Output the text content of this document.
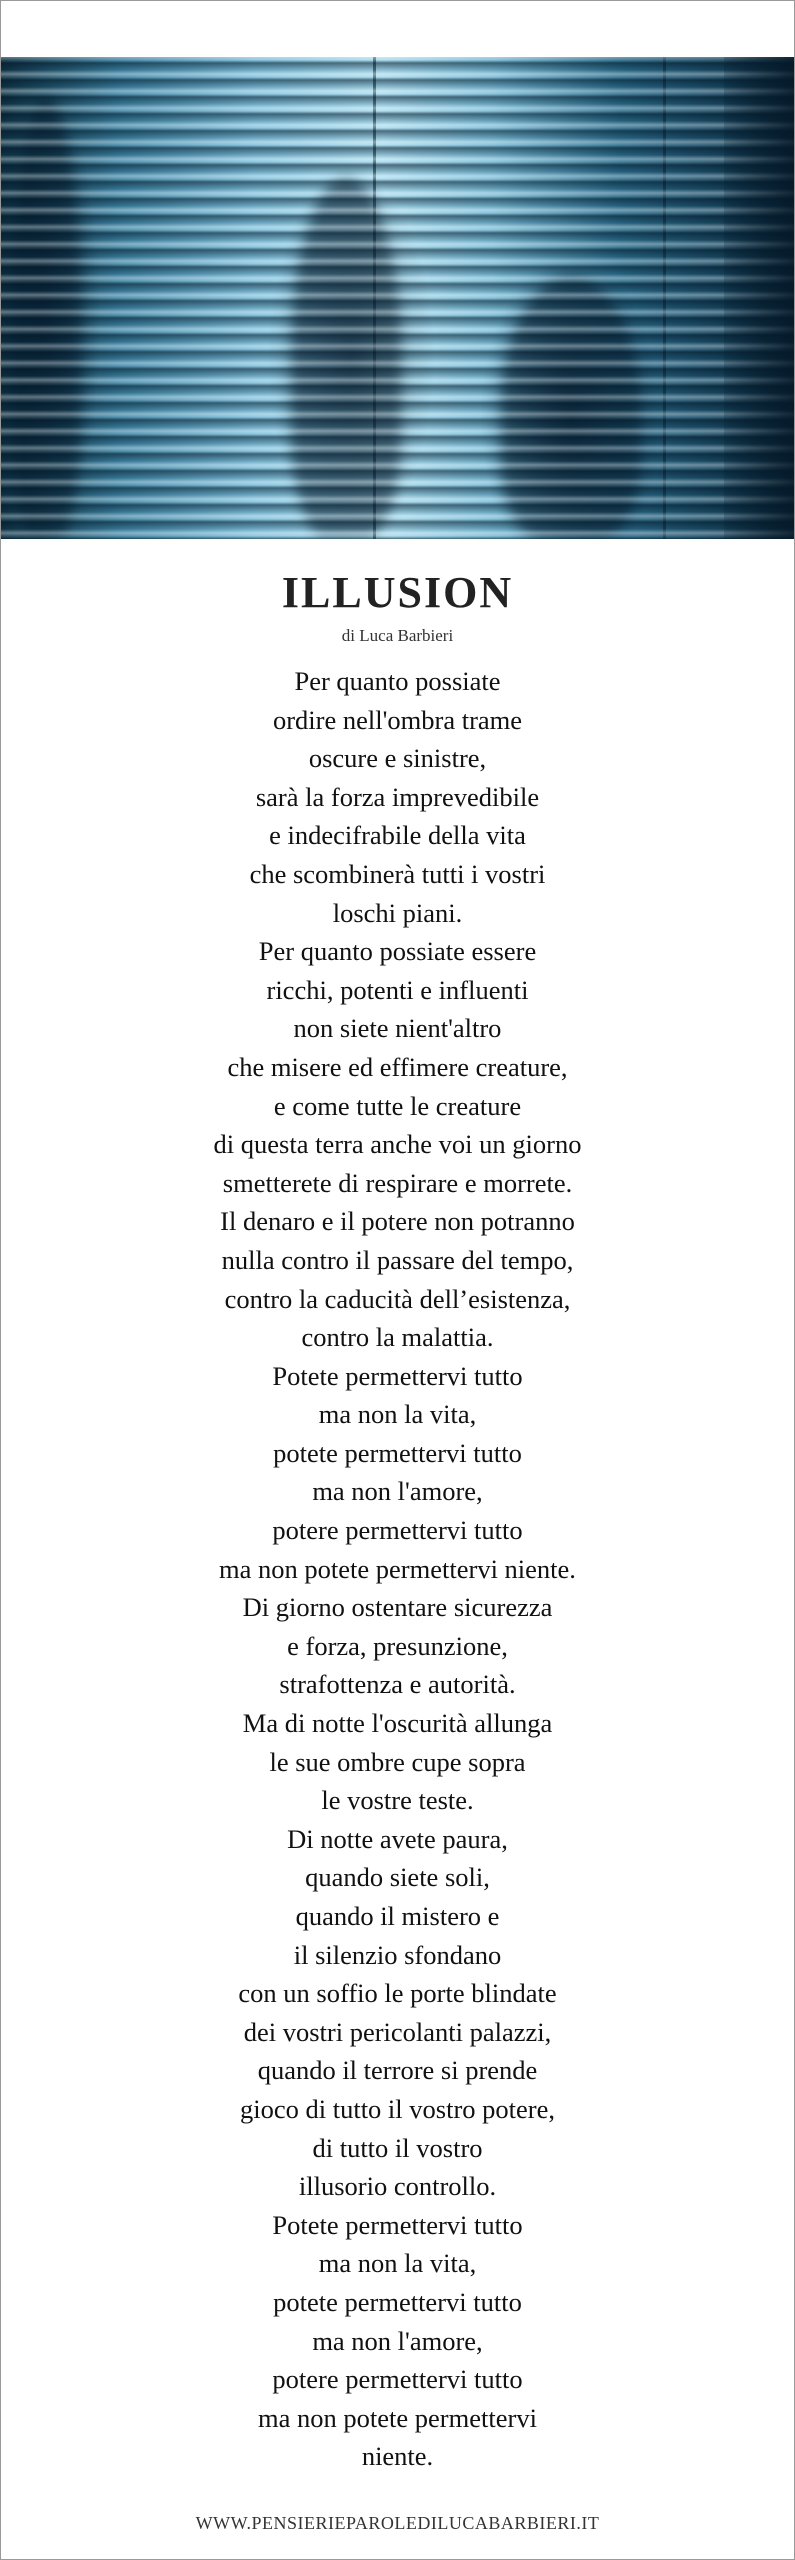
ILLUSION
di Luca Barbieri
Per quanto possiate
ordire nell'ombra trame
oscure e sinistre,
sarà la forza imprevedibile
e indecifrabile della vita
che scombinerà tutti i vostri
loschi piani.
Per quanto possiate essere
ricchi, potenti e influenti
non siete nient'altro
che misere ed effimere creature,
e come tutte le creature
di questa terra anche voi un giorno
smetterete di respirare e morrete.
Il denaro e il potere non potranno
nulla contro il passare del tempo,
contro la caducità dell’esistenza,
contro la malattia.
Potete permettervi tutto
ma non la vita,
potete permettervi tutto
ma non l'amore,
potere permettervi tutto
ma non potete permettervi niente.
Di giorno ostentare sicurezza
e forza, presunzione,
strafottenza e autorità.
Ma di notte l'oscurità allunga
le sue ombre cupe sopra
le vostre teste.
Di notte avete paura,
quando siete soli,
quando il mistero e
il silenzio sfondano
con un soffio le porte blindate
dei vostri pericolanti palazzi,
quando il terrore si prende
gioco di tutto il vostro potere,
di tutto il vostro
illusorio controllo.
Potete permettervi tutto
ma non la vita,
potete permettervi tutto
ma non l'amore,
potere permettervi tutto
ma non potete permettervi
niente.
WWW.PENSIERIEPAROLEDILUCABARBIERI.IT
